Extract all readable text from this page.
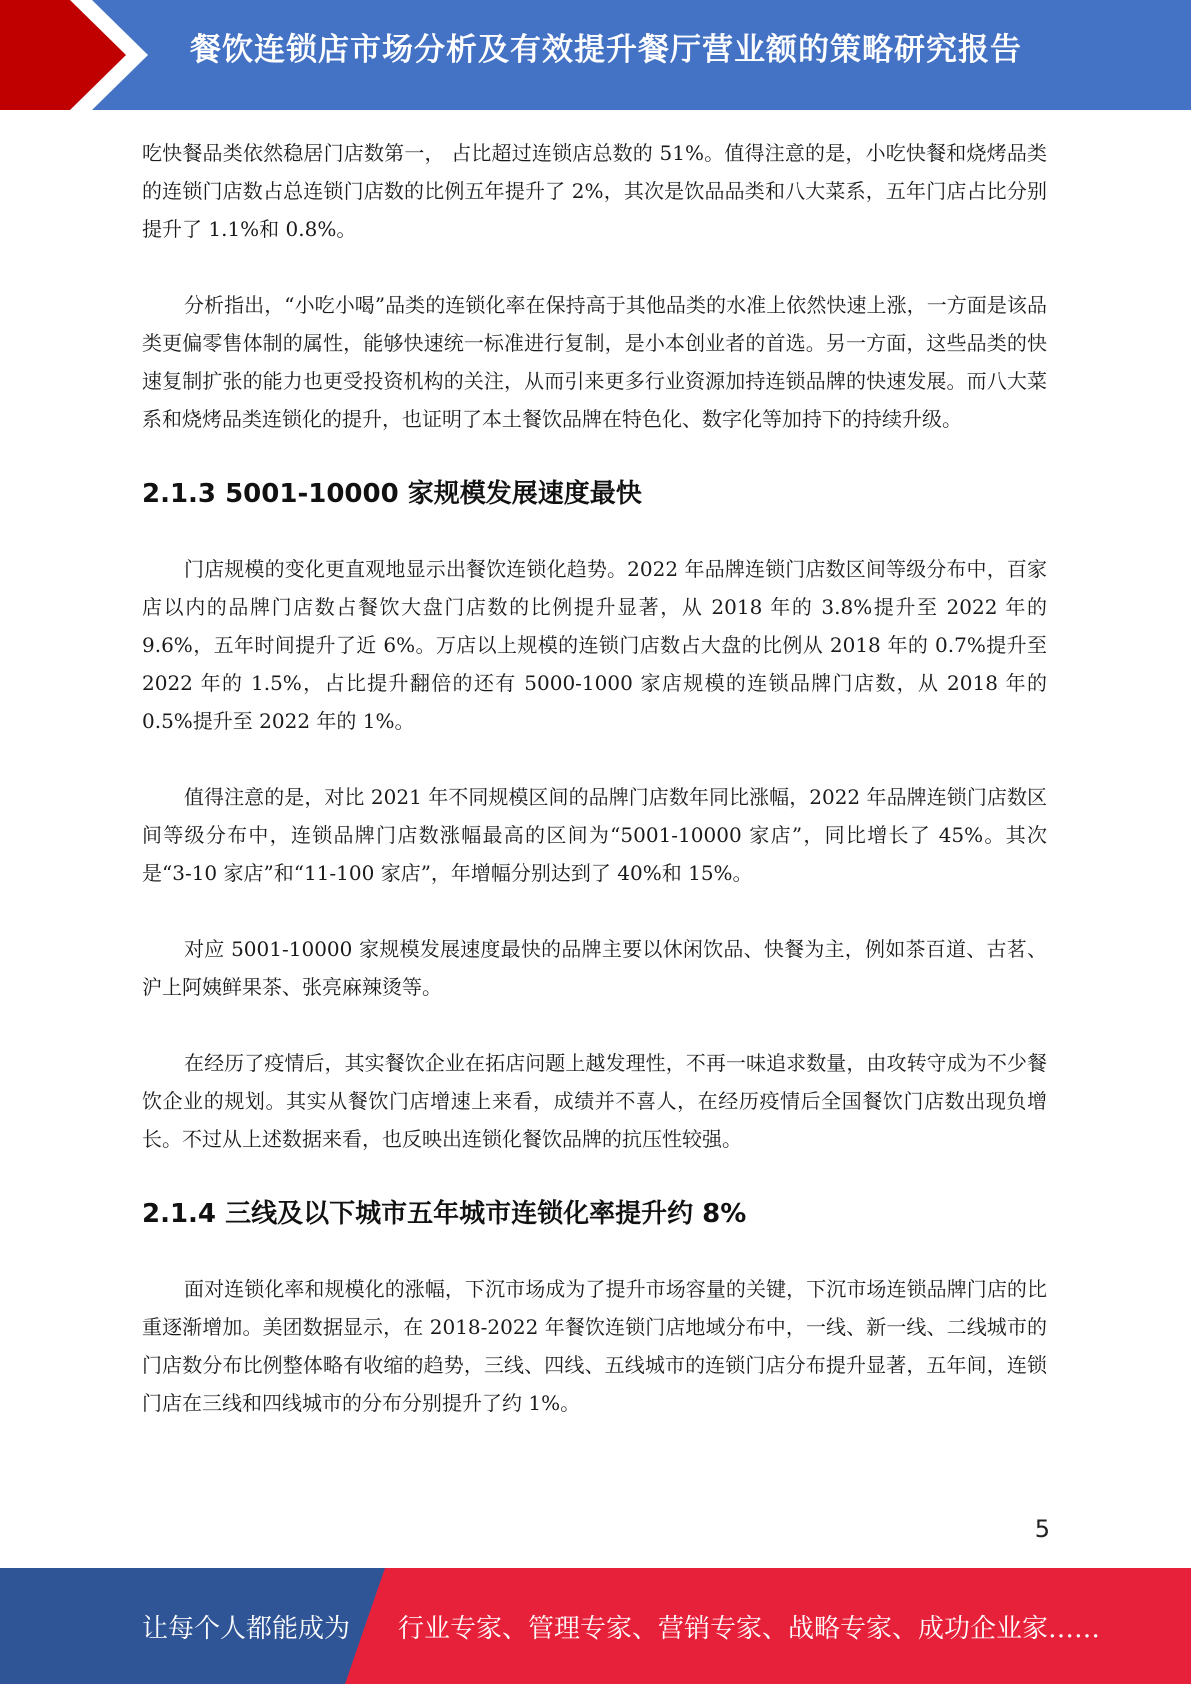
餐饮连锁店市场分析及有效提升餐厅营业额的策略研究报告

吃快餐品类依然稳居门店数第一， 占比超过连锁店总数的 51%。值得注意的是，小吃快餐和烧烤品类的连锁门店数占总连锁门店数的比例五年提升了 2%，其次是饮品品类和八大菜系，五年门店占比分别提升了 1.1%和 0.8%。

分析指出，“小吃小喝”品类的连锁化率在保持高于其他品类的水准上依然快速上涨，一方面是该品类更偏零售体制的属性，能够快速统一标准进行复制，是小本创业者的首选。另一方面，这些品类的快速复制扩张的能力也更受投资机构的关注，从而引来更多行业资源加持连锁品牌的快速发展。而八大菜系和烧烤品类连锁化的提升，也证明了本土餐饮品牌在特色化、数字化等加持下的持续升级。

2.1.3 5001-10000 家规模发展速度最快

门店规模的变化更直观地显示出餐饮连锁化趋势。2022 年品牌连锁门店数区间等级分布中，百家店以内的品牌门店数占餐饮大盘门店数的比例提升显著，从 2018 年的 3.8%提升至 2022 年的 9.6%，五年时间提升了近 6%。万店以上规模的连锁门店数占大盘的比例从 2018 年的 0.7%提升至 2022 年的 1.5%，占比提升翻倍的还有 5000-1000 家店规模的连锁品牌门店数，从 2018 年的 0.5%提升至 2022 年的 1%。

值得注意的是，对比 2021 年不同规模区间的品牌门店数年同比涨幅，2022 年品牌连锁门店数区间等级分布中，连锁品牌门店数涨幅最高的区间为“5001-10000 家店”，同比增长了 45%。其次是“3-10 家店”和“11-100 家店”，年增幅分别达到了 40%和 15%。

对应 5001-10000 家规模发展速度最快的品牌主要以休闲饮品、快餐为主，例如茶百道、古茗、沪上阿姨鲜果茶、张亮麻辣烫等。

在经历了疫情后，其实餐饮企业在拓店问题上越发理性，不再一味追求数量，由攻转守成为不少餐饮企业的规划。其实从餐饮门店增速上来看，成绩并不喜人，在经历疫情后全国餐饮门店数出现负增长。不过从上述数据来看，也反映出连锁化餐饮品牌的抗压性较强。

2.1.4 三线及以下城市五年城市连锁化率提升约 8%

面对连锁化率和规模化的涨幅，下沉市场成为了提升市场容量的关键，下沉市场连锁品牌门店的比重逐渐增加。美团数据显示，在 2018-2022 年餐饮连锁门店地域分布中，一线、新一线、二线城市的门店数分布比例整体略有收缩的趋势，三线、四线、五线城市的连锁门店分布提升显著，五年间，连锁门店在三线和四线城市的分布分别提升了约 1%。

5
让每个人都能成为 行业专家、管理专家、营销专家、战略专家、成功企业家……
